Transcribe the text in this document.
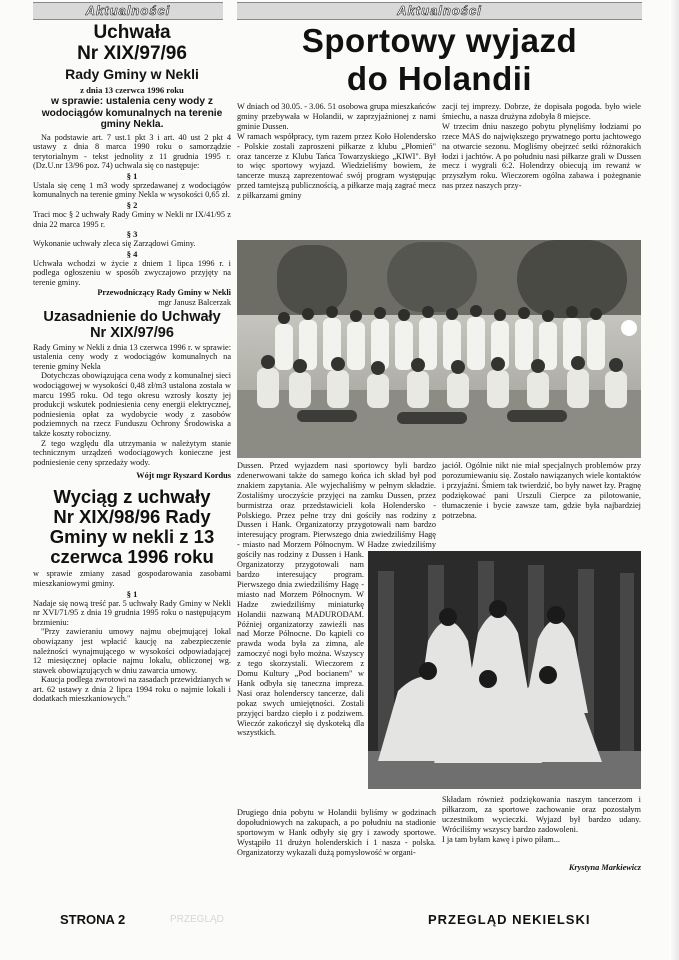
Aktualności	Aktualności
Uchwała
Nr XIX/97/96
Rady Gminy w Nekli
z dnia 13 czerwca 1996 roku
w sprawie: ustalenia ceny wody z wodociągów komunalnych na terenie gminy Nekla.
Na podstawie art. 7 ust.1 pkt 3 i art. 40 ust 2 pkt 4 ustawy z dnia 8 marca 1990 roku o samorządzie terytorialnym - tekst jednolity z 11 grudnia 1995 r. (Dz.U.nr 13/96 poz. 74) uchwala się co następuje:
§ 1
Ustala się cenę 1 m3 wody sprzedawanej z wodociągów komunalnych na terenie gminy Nekla w wysokości 0,65 zł.
§ 2
Traci moc § 2 uchwały Rady Gminy w Nekli nr IX/41/95 z dnia 22 marca 1995 r.
§ 3
Wykonanie uchwały zleca się Zarządowi Gminy.
§ 4
Uchwała wchodzi w życie z dniem 1 lipca 1996 r. i podlega ogłoszeniu w sposób zwyczajowo przyjęty na terenie gminy.
Przewodniczący Rady Gminy w Nekli
mgr Janusz Balcerzak
Uzasadnienie do Uchwały
Nr XIX/97/96
Rady Gminy w Nekli z dnia 13 czerwca 1996 r. w sprawie: ustalenia ceny wody z wodociągów komunalnych na terenie gminy Nekla
Dotychczas obowiązująca cena wody z komunalnej sieci wodociągowej w wysokości 0,48 zł/m3 ustalona została w marcu 1995 roku. Od tego okresu wzrosły koszty jej produkcji wskutek podniesienia ceny energii elektrycznej, podniesienia opłat za wydobycie wody z zasobów podziemnych na rzecz Funduszu Ochrony Środowiska a także koszty robocizny.
Z tego względu dla utrzymania w należytym stanie technicznym urządzeń wodociągowych konieczne jest podniesienie ceny sprzedaży wody.
Wójt mgr Ryszard Kordus
Wyciąg z uchwały
Nr XIX/98/96 Rady
Gminy w nekli z 13
czerwca 1996 roku
w sprawie zmiany zasad gospodarowania zasobami mieszkaniowymi gminy.
§ 1
Nadaje się nową treść par. 5 uchwały Rady Gminy w Nekli nr XVI/71/95 z dnia 19 grudnia 1995 roku o następującym brzmieniu:
"Przy zawieraniu umowy najmu obejmującej lokal obowiązany jest wpłacić kaucję na zabezpieczenie należności wynajmującego w wysokości odpowiadającej 12 miesięcznej opłacie najmu lokalu, obliczonej wg. stawek obowiązujących w dniu zawarcia umowy.
Kaucja podlega zwrotowi na zasadach przewidzianych w art. 62 ustawy z dnia 2 lipca 1994 roku o najmie lokali i dodatkach mieszkaniowych."
Sportowy wyjazd
do Holandii
W dniach od 30.05. - 3.06. 51 osobowa grupa mieszkańców gminy przebywała w Holandii, w zaprzyjaźnionej z nami gminie Dussen.
W ramach współpracy, tym razem przez Koło Holendersko - Polskie zostali zaproszeni piłkarze z klubu „Płomień" oraz tancerze z Klubu Tańca Towarzyskiego „KIWI". Był to więc sportowy wyjazd. Wiedzieliśmy bowiem, że tancerze muszą zaprezentować swój program występując przed tamtejszą publicznością, a piłkarze mają zagrać mecz z piłkarzami gminy
zacji tej imprezy. Dobrze, że dopisała pogoda. było wiele śmiechu, a nasza drużyna zdobyła 8 miejsce.
W trzecim dniu naszego pobytu płynęliśmy łodziami po rzece MAS do największego prywatnego portu jachtowego na otwarcie sezonu. Mogliśmy obejrzeć setki różnorakich łodzi i jachtów. A po południu nasi piłkarze grali w Dussen mecz i wygrali 6:2. Holendrzy obiecują im rewanż w przyszłym roku. Wieczorem ogólna zabawa i pożegnanie nas przez naszych przy-
Dussen. Przed wyjazdem nasi sportowcy byli bardzo zdenerwowani także do samego końca ich skład był pod znakiem zapytania. Ale wyjechaliśmy w pełnym składzie. Zostaliśmy uroczyście przyjęci na zamku Dussen, przez burmistrza oraz przedstawicieli koła Holendersko - Polskiego. Przez pełne trzy dni gościły nas rodziny z Dussen i Hank. Organizatorzy przygotowali nam bardzo interesujący program. Pierwszego dnia zwiedziliśmy Hagę - miasto nad Morzem Północnym. W Hadze zwiedziliśmy
jaciół. Ogólnie nikt nie miał specjalnych problemów przy porozumiewaniu się. Zostało nawiązanych wiele kontaktów i przyjaźni. Śmiem tak twierdzić, bo były nawet łzy. Pragnę podziękować pani Urszuli Cierpce za pilotowanie, tłumaczenie i bycie zawsze tam, gdzie była najbardziej potrzebna.
gościły nas rodziny z Dussen i Hank. Organizatorzy przygotowali nam bardzo interesujący program. Pierwszego dnia zwiedziliśmy Hagę - miasto nad Morzem Północnym. W Hadze zwiedziliśmy miniaturkę Holandii nazwaną MADURODAM. Później organizatorzy zawieźli nas nad Morze Północne. Do kąpieli co prawda woda była za zimna, ale zamoczyć nogi było można. Wszyscy z tego skorzystali. Wieczorem z Domu Kultury „Pod bocianem" w Hank odbyła się taneczna impreza. Nasi oraz holenderscy tancerze, dali pokaz swych umiejętności. Zostali przyjęci bardzo ciepło i z podziwem. Wieczór zakończył się dyskoteką dla wszystkich.
Drugiego dnia pobytu w Holandii byliśmy w godzinach dopołudniowych na zakupach, a po południu na stadionie sportowym w Hank odbyły się gry i zawody sportowe. Wystąpiło 11 drużyn holenderskich i 1 nasza - polska. Organizatorzy wykazali dużą pomysłowość w organi-
Składam również podziękowania naszym tancerzom i piłkarzom, za sportowe zachowanie oraz pozostałym uczestnikom wycieczki. Wyjazd był bardzo udany. Wróciliśmy wszyscy bardzo zadowoleni.
I ja tam byłam kawę i piwo piłam...
Krystyna Markiewicz
STRONA 2	PRZEGLĄD	PRZEGLĄD NEKIELSKI
